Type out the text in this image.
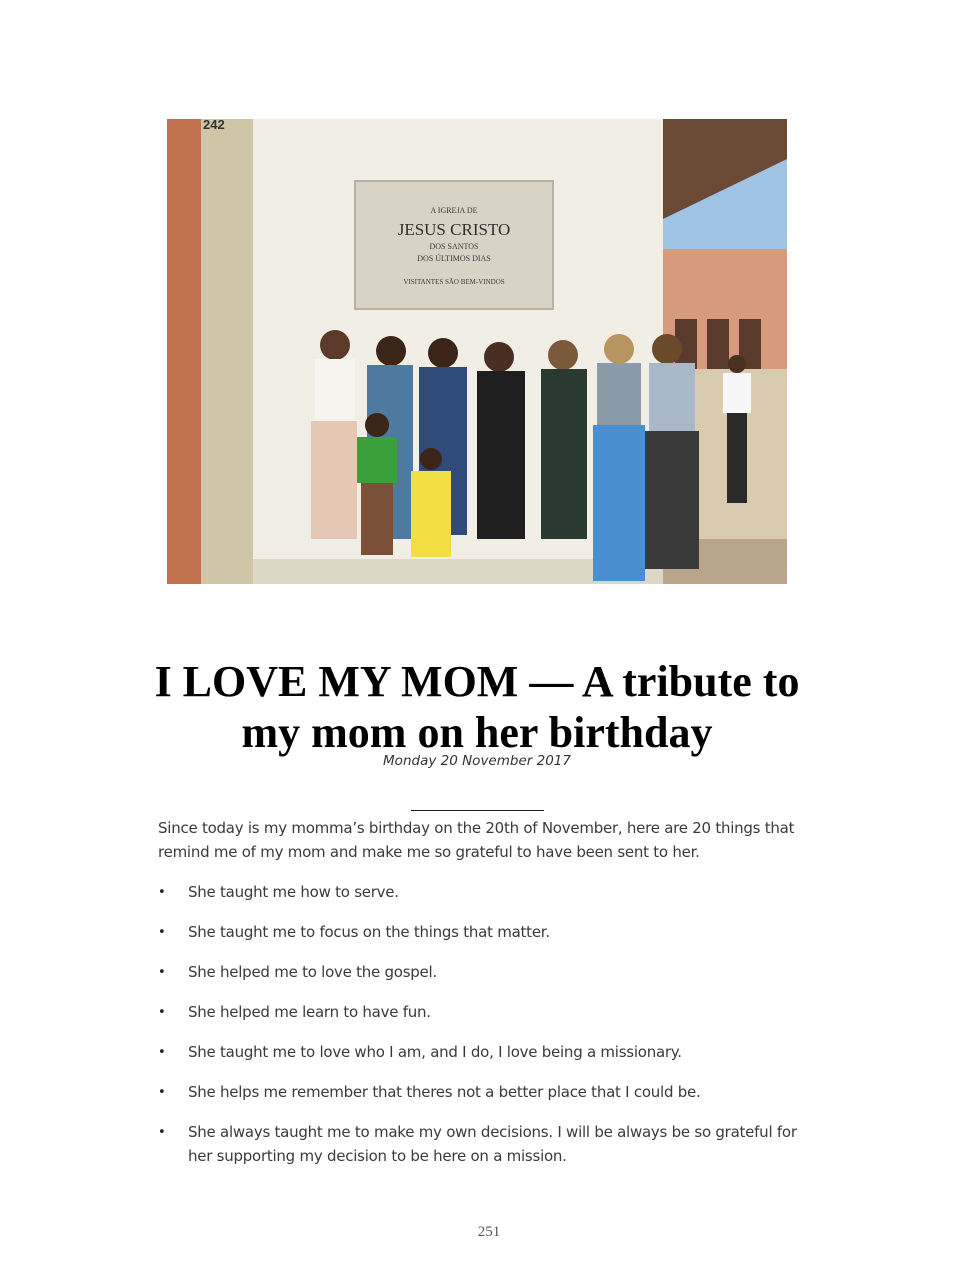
242
A IGREJA DE
JESUS CRISTO
DOS SANTOS
DOS ÚLTIMOS DIAS
VISITANTES SÃO BEM-VINDOS
I LOVE MY MOM — A tribute to my mom on her birthday
Monday 20 November 2017

Since today is my momma’s birthday on the 20th of November, here are 20 things that remind me of my mom and make me so grateful to have been sent to her.

• She taught me how to serve.
• She taught me to focus on the things that matter.
• She helped me to love the gospel.
• She helped me learn to have fun.
• She taught me to love who I am, and I do, I love being a missionary.
• She helps me remember that theres not a better place that I could be.
• She always taught me to make my own decisions. I will be always be so grateful for her supporting my decision to be here on a mission.
251
